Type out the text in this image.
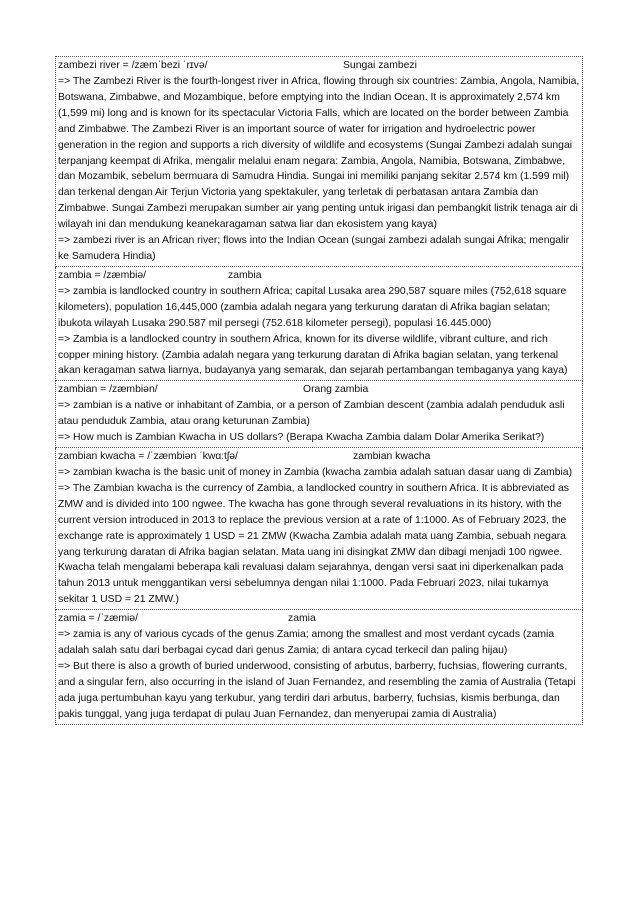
zambezi river = /zæmˈbezi ˈrɪvə/	Sungai zambezi

=> The Zambezi River is the fourth-longest river in Africa, flowing through six countries: Zambia, Angola, Namibia, Botswana, Zimbabwe, and Mozambique, before emptying into the Indian Ocean. It is approximately 2,574 km (1,599 mi) long and is known for its spectacular Victoria Falls, which are located on the border between Zambia and Zimbabwe. The Zambezi River is an important source of water for irrigation and hydroelectric power generation in the region and supports a rich diversity of wildlife and ecosystems (Sungai Zambezi adalah sungai terpanjang keempat di Afrika, mengalir melalui enam negara: Zambia, Angola, Namibia, Botswana, Zimbabwe, dan Mozambik, sebelum bermuara di Samudra Hindia. Sungai ini memiliki panjang sekitar 2.574 km (1.599 mil) dan terkenal dengan Air Terjun Victoria yang spektakuler, yang terletak di perbatasan antara Zambia dan Zimbabwe. Sungai Zambezi merupakan sumber air yang penting untuk irigasi dan pembangkit listrik tenaga air di wilayah ini dan mendukung keanekaragaman satwa liar dan ekosistem yang kaya)

=> zambezi river is an African river; flows into the Indian Ocean (sungai zambezi adalah sungai Afrika; mengalir ke Samudera Hindia)

zambia = /zæmbiə/	zambia

=> zambia is landlocked country in southern Africa; capital Lusaka area 290,587 square miles (752,618 square kilometers), population 16,445,000 (zambia adalah negara yang terkurung daratan di Afrika bagian selatan; ibukota wilayah Lusaka 290.587 mil persegi (752.618 kilometer persegi), populasi 16.445.000)

=> Zambia is a landlocked country in southern Africa, known for its diverse wildlife, vibrant culture, and rich copper mining history. (Zambia adalah negara yang terkurung daratan di Afrika bagian selatan, yang terkenal akan keragaman satwa liarnya, budayanya yang semarak, dan sejarah pertambangan tembaganya yang kaya)

zambian = /zæmbiən/	Orang zambia

=> zambian is a native or inhabitant of Zambia, or a person of Zambian descent (zambia adalah penduduk asli atau penduduk Zambia, atau orang keturunan Zambia)

=> How much is Zambian Kwacha in US dollars? (Berapa Kwacha Zambia dalam Dolar Amerika Serikat?)

zambian kwacha = /ˈzæmbiən ˈkwɑːtʃə/	zambian kwacha

=> zambian kwacha is the basic unit of money in Zambia (kwacha zambia adalah satuan dasar uang di Zambia)

=> The Zambian kwacha is the currency of Zambia, a landlocked country in southern Africa. It is abbreviated as ZMW and is divided into 100 ngwee. The kwacha has gone through several revaluations in its history, with the current version introduced in 2013 to replace the previous version at a rate of 1:1000. As of February 2023, the exchange rate is approximately 1 USD = 21 ZMW (Kwacha Zambia adalah mata uang Zambia, sebuah negara yang terkurung daratan di Afrika bagian selatan. Mata uang ini disingkat ZMW dan dibagi menjadi 100 ngwee. Kwacha telah mengalami beberapa kali revaluasi dalam sejarahnya, dengan versi saat ini diperkenalkan pada tahun 2013 untuk menggantikan versi sebelumnya dengan nilai 1:1000. Pada Februari 2023, nilai tukarnya sekitar 1 USD = 21 ZMW.)

zamia = /ˈzæmiə/	zamia

=> zamia is any of various cycads of the genus Zamia; among the smallest and most verdant cycads (zamia adalah salah satu dari berbagai cycad dari genus Zamia; di antara cycad terkecil dan paling hijau)

=> But there is also a growth of buried underwood, consisting of arbutus, barberry, fuchsias, flowering currants, and a singular fern, also occurring in the island of Juan Fernandez, and resembling the zamia of Australia (Tetapi ada juga pertumbuhan kayu yang terkubur, yang terdiri dari arbutus, barberry, fuchsias, kismis berbunga, dan pakis tunggal, yang juga terdapat di pulau Juan Fernandez, dan menyerupai zamia di Australia)
